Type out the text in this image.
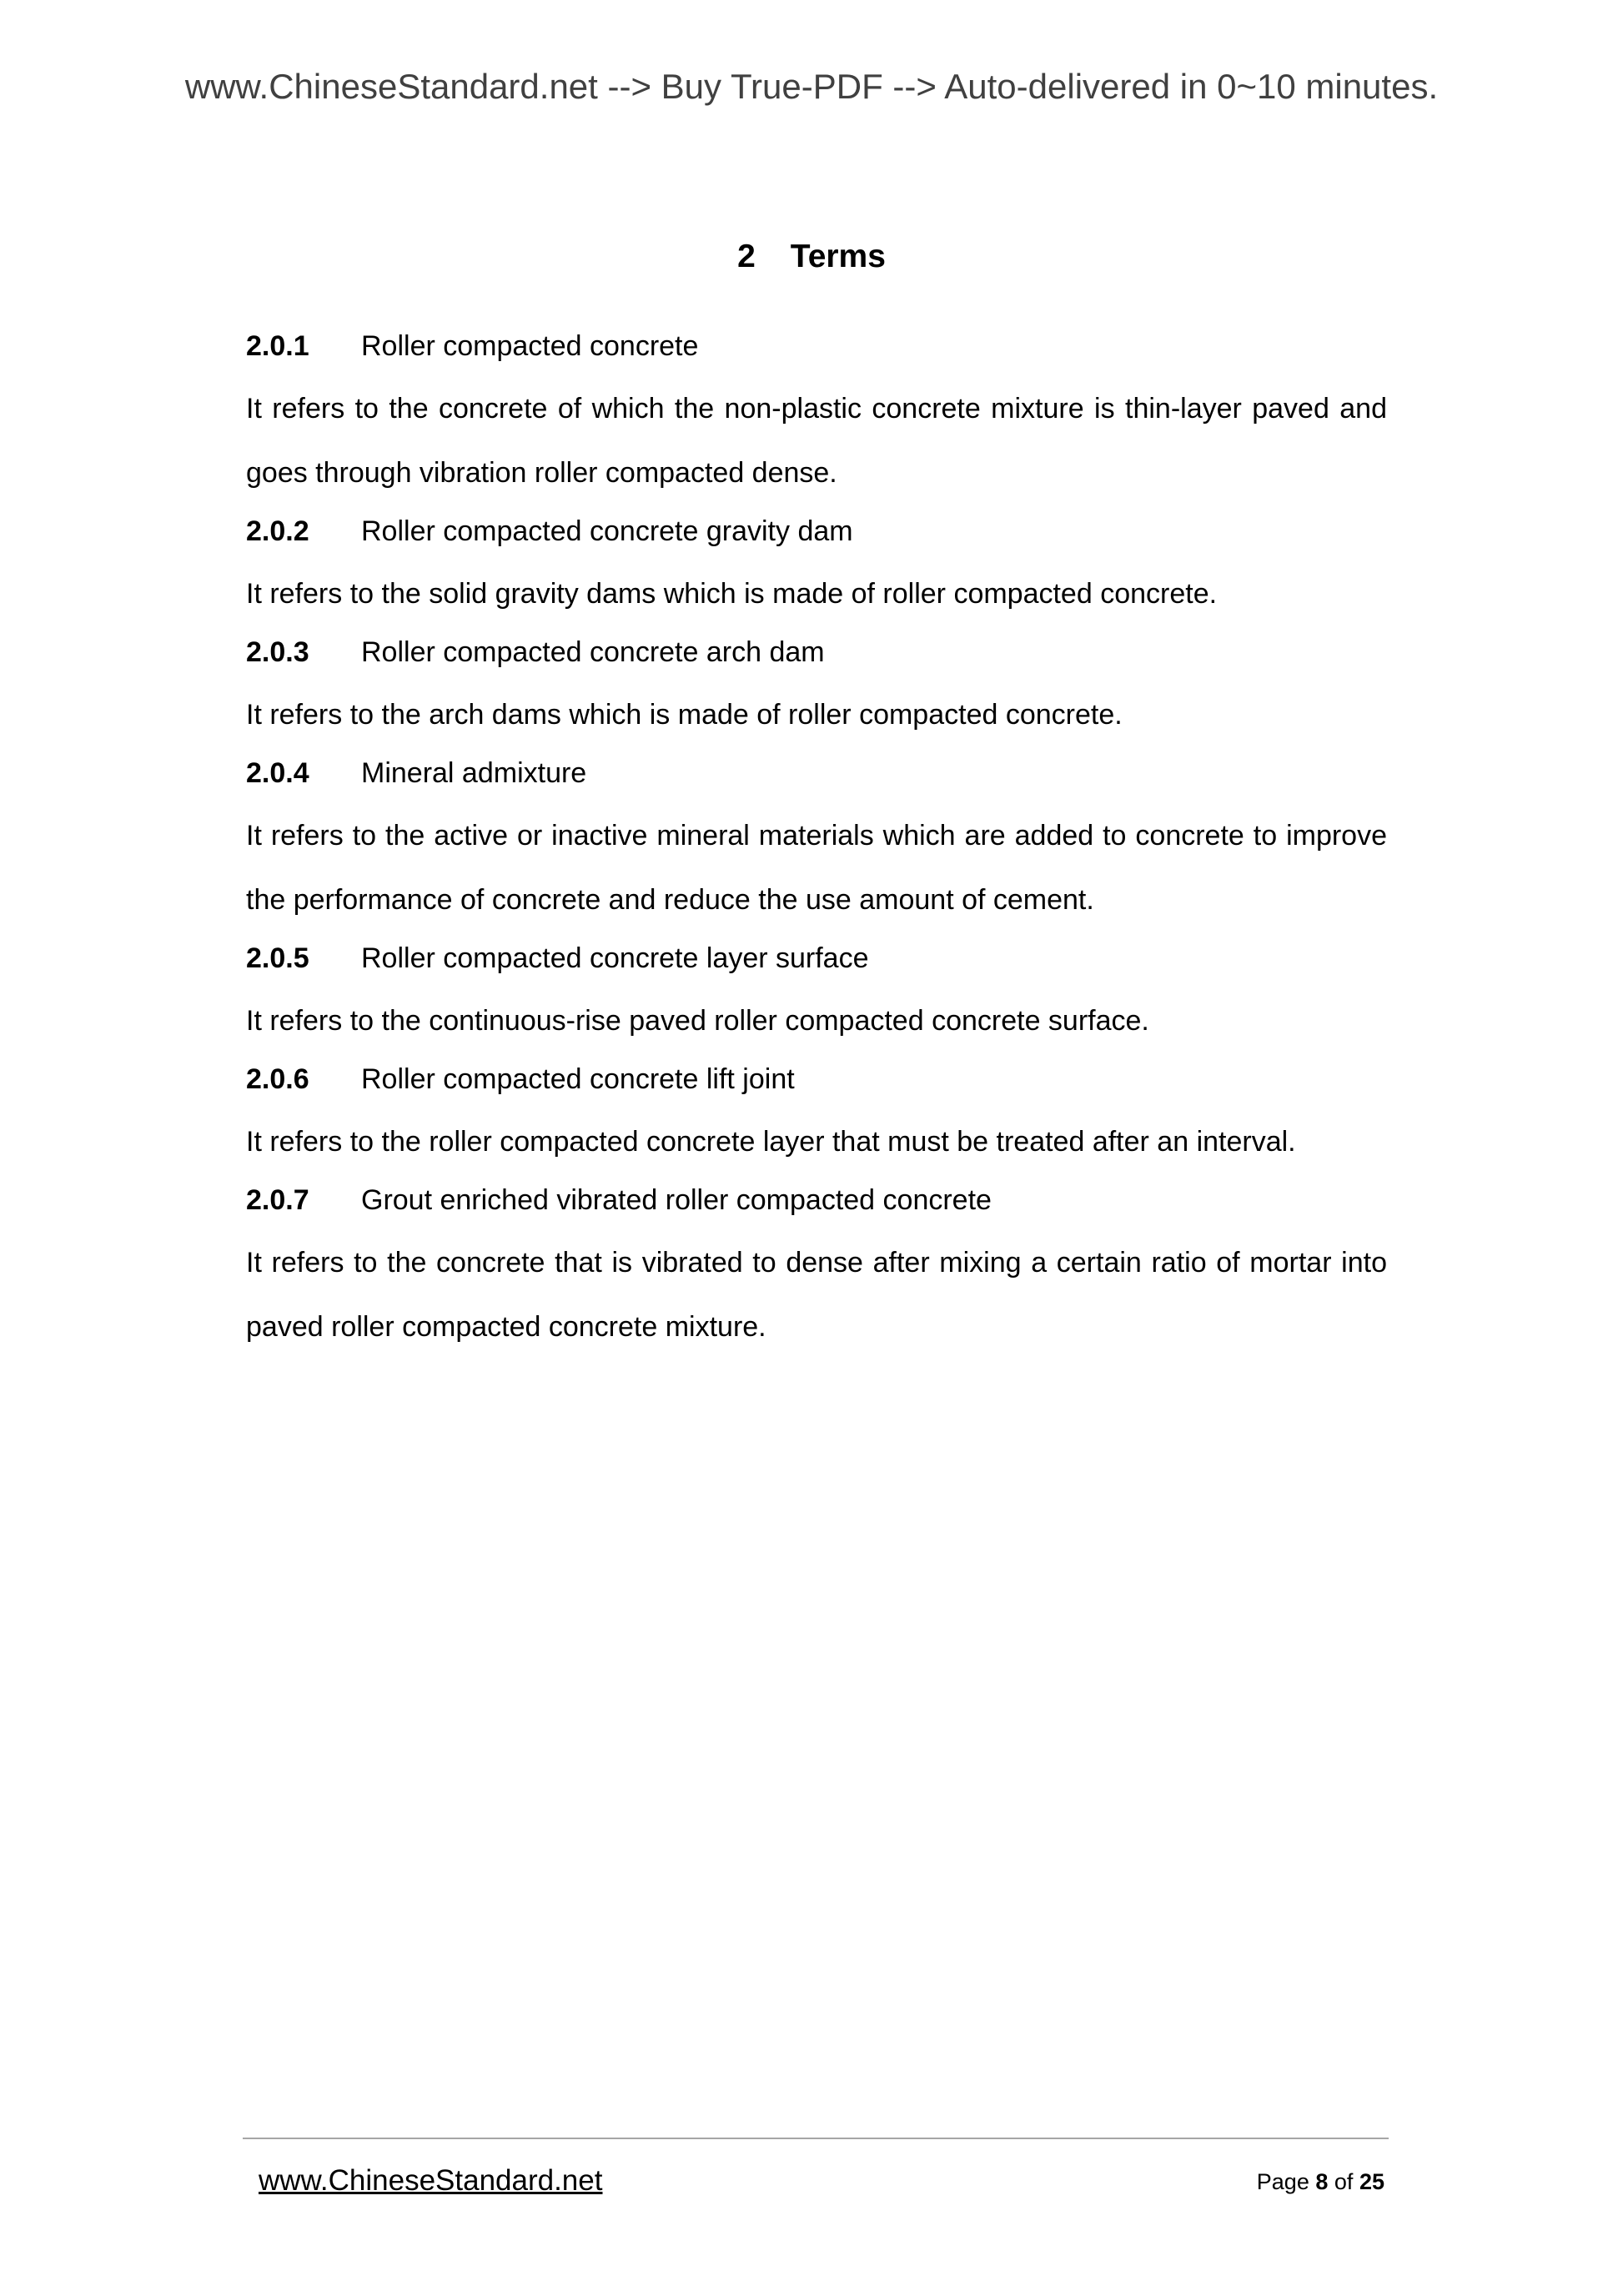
www.ChineseStandard.net --> Buy True-PDF --> Auto-delivered in 0~10 minutes.
2 Terms

2.0.1 Roller compacted concrete

It refers to the concrete of which the non-plastic concrete mixture is thin-layer paved and goes through vibration roller compacted dense.

2.0.2 Roller compacted concrete gravity dam

It refers to the solid gravity dams which is made of roller compacted concrete.

2.0.3 Roller compacted concrete arch dam

It refers to the arch dams which is made of roller compacted concrete.

2.0.4 Mineral admixture

It refers to the active or inactive mineral materials which are added to concrete to improve the performance of concrete and reduce the use amount of cement.

2.0.5 Roller compacted concrete layer surface

It refers to the continuous-rise paved roller compacted concrete surface.

2.0.6 Roller compacted concrete lift joint

It refers to the roller compacted concrete layer that must be treated after an interval.

2.0.7 Grout enriched vibrated roller compacted concrete

It refers to the concrete that is vibrated to dense after mixing a certain ratio of mortar into paved roller compacted concrete mixture.

www.ChineseStandard.net	Page 8 of 25
